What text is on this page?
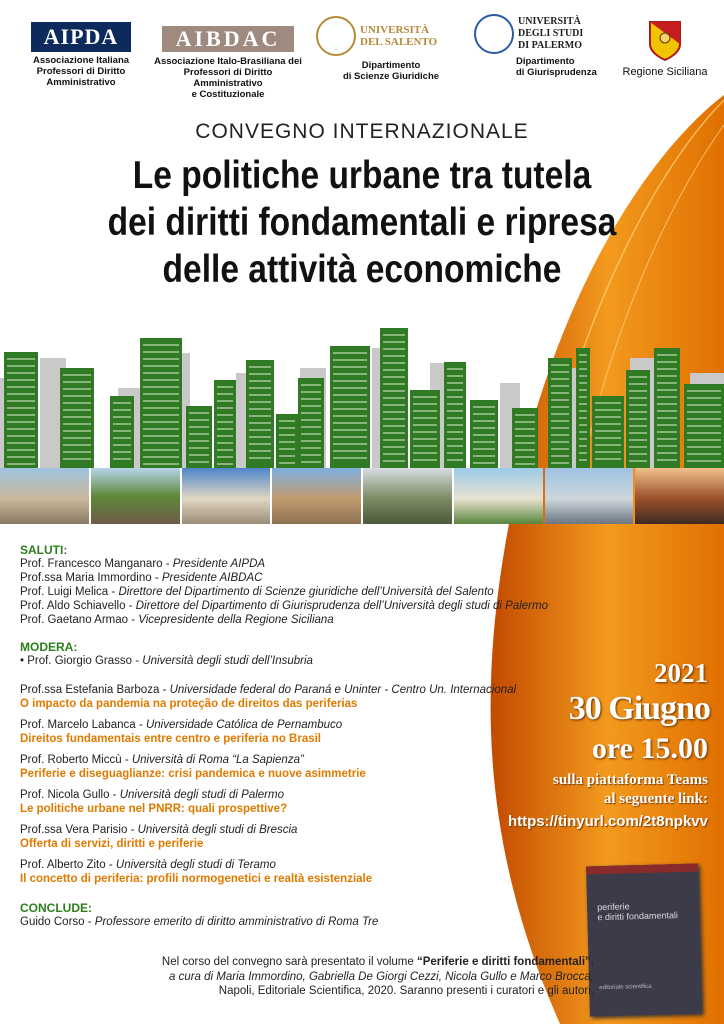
AIPDA
Associazione Italiana
Professori di Diritto
Amministrativo
AIBDAC
Associazione Italo-Brasiliana dei
Professori di Diritto Amministrativo
e Costituzionale
UNIVERSITÀ
DEL SALENTO
Dipartimento
di Scienze Giuridiche
UNIVERSITÀ
DEGLI STUDI
DI PALERMO
Dipartimento
di Giurisprudenza	Regione Siciliana
CONVEGNO INTERNAZIONALE
Le politiche urbane tra tutela
dei diritti fondamentali e ripresa
delle attività economiche
SALUTI:
Prof. Francesco Manganaro - Presidente AIPDA
Prof.ssa Maria Immordino - Presidente AIBDAC
Prof. Luigi Melica - Direttore del Dipartimento di Scienze giuridiche dell’Università del Salento
Prof. Aldo Schiavello - Direttore del Dipartimento di Giurisprudenza dell’Università degli studi di Palermo
Prof. Gaetano Armao - Vicepresidente della Regione Siciliana
MODERA:
• Prof. Giorgio Grasso - Università degli studi dell’Insubria
Prof.ssa Estefania Barboza - Universidade federal do Paraná e Uninter - Centro Un. Internacional
O impacto da pandemia na proteção de direitos das periferias
Prof. Marcelo Labanca - Universidade Católica de Pernambuco
Direitos fundamentais entre centro e periferia no Brasil
Prof. Roberto Miccù - Università di Roma “La Sapienza”
Periferie e diseguaglianze: crisi pandemica e nuove asimmetrie
Prof. Nicola Gullo - Università degli studi di Palermo
Le politiche urbane nel PNRR: quali prospettive?
Prof.ssa Vera Parisio - Università degli studi di Brescia
Offerta di servizi, diritti e periferie
Prof. Alberto Zito - Università degli studi di Teramo
Il concetto di periferia: profili normogenetici e realtà esistenziale
CONCLUDE:
Guido Corso - Professore emerito di diritto amministrativo di Roma Tre
2021
30 Giugno
ore 15.00
sulla piattaforma Teams
al seguente link:
https://tinyurl.com/2t8npkvv
periferie
e diritti fondamentali
editoriale scientifica
Nel corso del convegno sarà presentato il volume “Periferie e diritti fondamentali”,
a cura di Maria Immordino, Gabriella De Giorgi Cezzi, Nicola Gullo e Marco Brocca,
Napoli, Editoriale Scientifica, 2020. Saranno presenti i curatori e gli autori.
